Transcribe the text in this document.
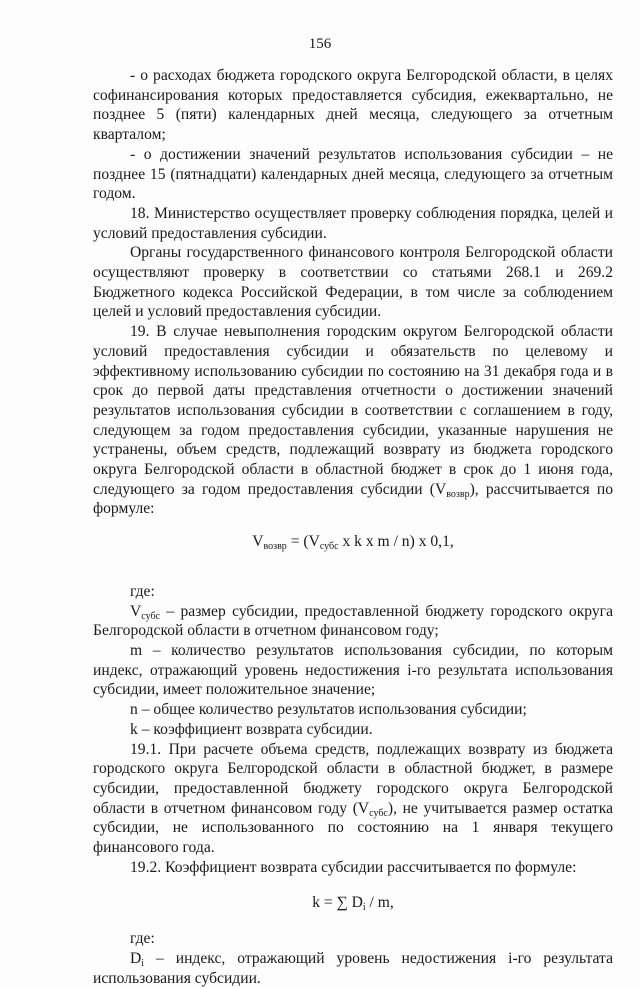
156

- о расходах бюджета городского округа Белгородской области, в целях софинансирования которых предоставляется субсидия, ежеквартально, не позднее 5 (пяти) календарных дней месяца, следующего за отчетным кварталом;

- о достижении значений результатов использования субсидии – не позднее 15 (пятнадцати) календарных дней месяца, следующего за отчетным годом.

18. Министерство осуществляет проверку соблюдения порядка, целей и условий предоставления субсидии.

Органы государственного финансового контроля Белгородской области осуществляют проверку в соответствии со статьями 268.1 и 269.2 Бюджетного кодекса Российской Федерации, в том числе за соблюдением целей и условий предоставления субсидии.

19. В случае невыполнения городским округом Белгородской области условий предоставления субсидии и обязательств по целевому и эффективному использованию субсидии по состоянию на 31 декабря года и в срок до первой даты представления отчетности о достижении значений результатов использования субсидии в соответствии с соглашением в году, следующем за годом предоставления субсидии, указанные нарушения не устранены, объем средств, подлежащий возврату из бюджета городского округа Белгородской области в областной бюджет в срок до 1 июня года, следующего за годом предоставления субсидии $(V_{возвр})$, рассчитывается по формуле:

$V_{возвр} = (V_{субс}$ x k x m / n) x 0,1,

где:

$V_{субс}$ – размер субсидии, предоставленной бюджету городского округа Белгородской области в отчетном финансовом году;

m – количество результатов использования субсидии, по которым индекс, отражающий уровень недостижения i-го результата использования субсидии, имеет положительное значение;

n – общее количество результатов использования субсидии;

k – коэффициент возврата субсидии.

19.1. При расчете объема средств, подлежащих возврату из бюджета городского округа Белгородской области в областной бюджет, в размере субсидии, предоставленной бюджету городского округа Белгородской области в отчетном финансовом году $(V_{субс})$, не учитывается размер остатка субсидии, не использованного по состоянию на 1 января текущего финансового года.

19.2. Коэффициент возврата субсидии рассчитывается по формуле:

k = ∑ $D_i$ / m,

где:

$D_i$ – индекс, отражающий уровень недостижения i-го результата использования субсидии.
